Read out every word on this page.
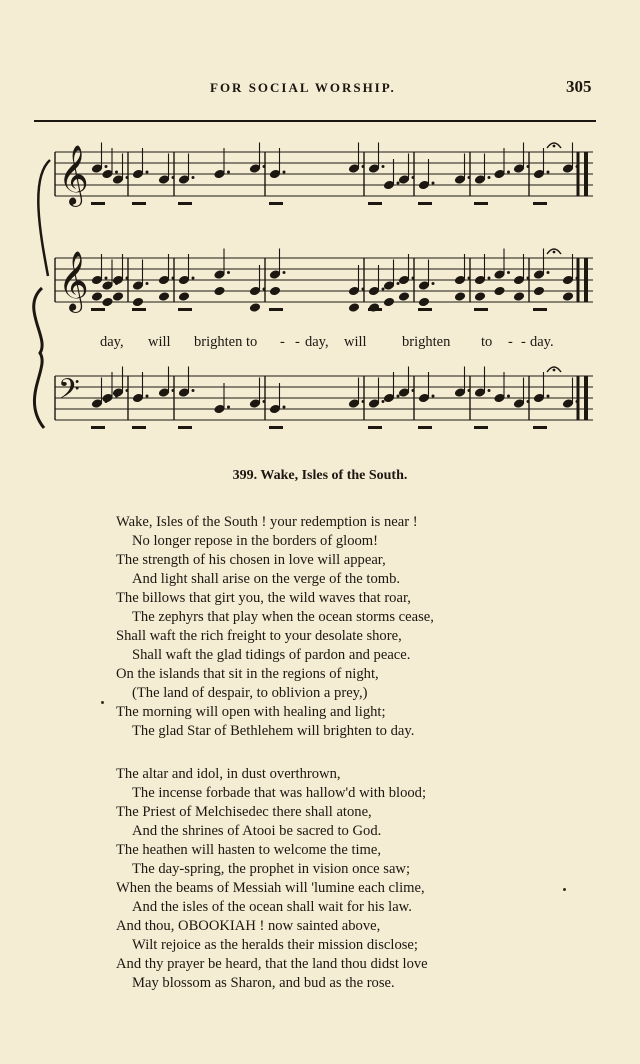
FOR SOCIAL WORSHIP.	305
𝄞
𝄞
𝄢
day, will brighten to - - day, will brighten to - - day.
399. Wake, Isles of the South.
Wake, Isles of the South ! your redemption is near !
No longer repose in the borders of gloom!
The strength of his chosen in love will appear,
And light shall arise on the verge of the tomb.
The billows that girt you, the wild waves that roar,
The zephyrs that play when the ocean storms cease,
Shall waft the rich freight to your desolate shore,
Shall waft the glad tidings of pardon and peace.
On the islands that sit in the regions of night,
(The land of despair, to oblivion a prey,)
The morning will open with healing and light;
The glad Star of Bethlehem will brighten to day.
The altar and idol, in dust overthrown,
The incense forbade that was hallow'd with blood;
The Priest of Melchisedec there shall atone,
And the shrines of Atooi be sacred to God.
The heathen will hasten to welcome the time,
The day-spring, the prophet in vision once saw;
When the beams of Messiah will 'lumine each clime,
And the isles of the ocean shall wait for his law.
And thou, OBOOKIAH ! now sainted above,
Wilt rejoice as the heralds their mission disclose;
And thy prayer be heard, that the land thou didst love
May blossom as Sharon, and bud as the rose.
